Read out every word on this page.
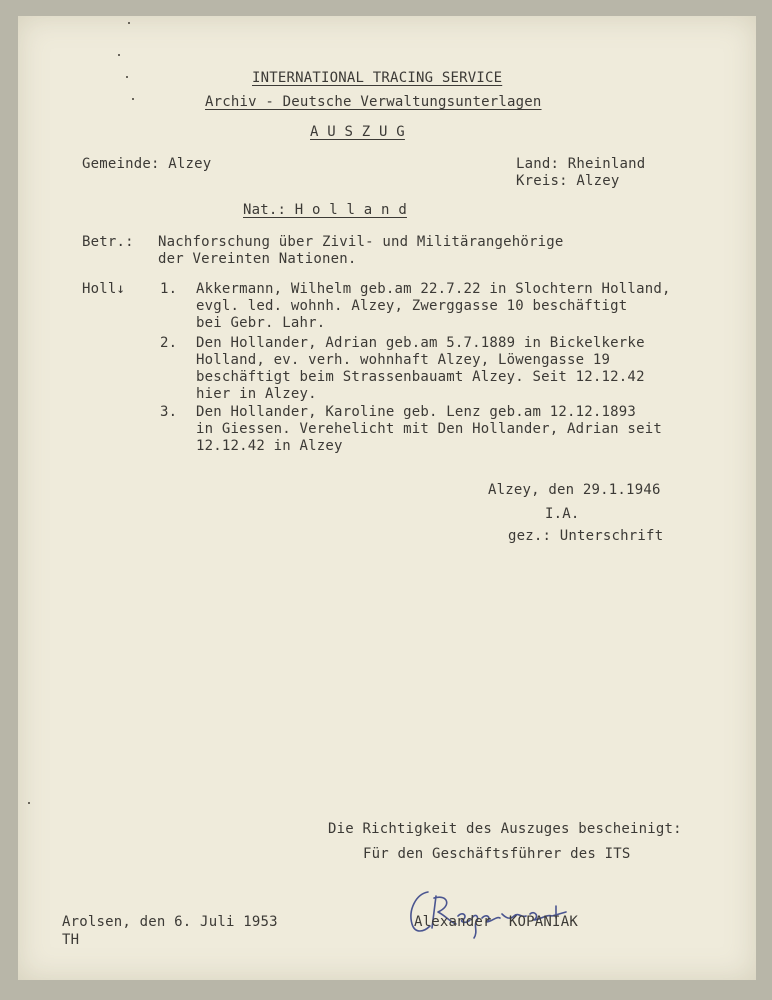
INTERNATIONAL TRACING SERVICE
Archiv - Deutsche Verwaltungsunterlagen
A U S Z U G
Gemeinde: Alzey	Land: Rheinland
Kreis: Alzey
Nat.: H o l l a n d
Betr.: Nachforschung über Zivil- und Militärangehörige
der Vereinten Nationen.
Holl↓ 1. Akkermann, Wilhelm geb.am 22.7.22 in Slochtern Holland,
evgl. led. wohnh. Alzey, Zwerggasse 10 beschäftigt
bei Gebr. Lahr.
2. Den Hollander, Adrian geb.am 5.7.1889 in Bickelkerke
Holland, ev. verh. wohnhaft Alzey, Löwengasse 19
beschäftigt beim Strassenbauamt Alzey. Seit 12.12.42
hier in Alzey.
3. Den Hollander, Karoline geb. Lenz geb.am 12.12.1893
in Giessen. Verehelicht mit Den Hollander, Adrian seit
12.12.42 in Alzey
Alzey, den 29.1.1946
I.A.
gez.: Unterschrift
Die Richtigkeit des Auszuges bescheinigt:
Für den Geschäftsführer des ITS
Arolsen, den 6. Juli 1953
TH
Alexander  KOPANIAK
